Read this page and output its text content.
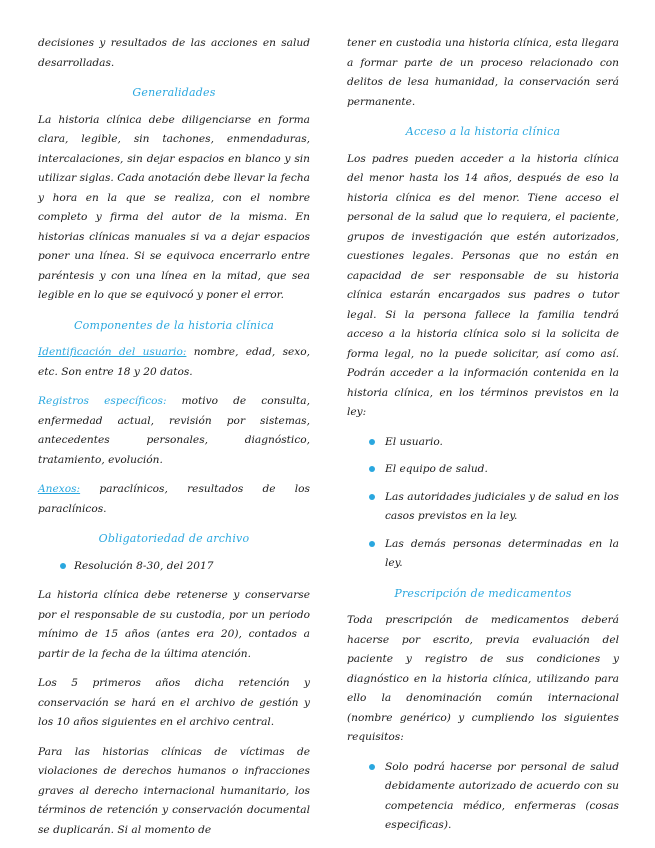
decisiones y resultados de las acciones en salud desarrolladas.

Generalidades

La historia clínica debe diligenciarse en forma clara, legible, sin tachones, enmendaduras, intercalaciones, sin dejar espacios en blanco y sin utilizar siglas. Cada anotación debe llevar la fecha y hora en la que se realiza, con el nombre completo y firma del autor de la misma. En historias clínicas manuales si va a dejar espacios poner una línea. Si se equivoca encerrarlo entre paréntesis y con una línea en la mitad, que sea legible en lo que se equivocó y poner el error.

Componentes de la historia clínica

Identificación del usuario: nombre, edad, sexo, etc. Son entre 18 y 20 datos.

Registros específicos: motivo de consulta, enfermedad actual, revisión por sistemas, antecedentes personales, diagnóstico, tratamiento, evolución.

Anexos: paraclínicos, resultados de los paraclínicos.

Obligatoriedad de archivo
Resolución 8-30, del 2017

La historia clínica debe retenerse y conservarse por el responsable de su custodia, por un periodo mínimo de 15 años (antes era 20), contados a partir de la fecha de la última atención.

Los 5 primeros años dicha retención y conservación se hará en el archivo de gestión y los 10 años siguientes en el archivo central.

Para las historias clínicas de víctimas de violaciones de derechos humanos o infracciones graves al derecho internacional humanitario, los términos de retención y conservación documental se duplicarán. Si al momento de

tener en custodia una historia clínica, esta llegara a formar parte de un proceso relacionado con delitos de lesa humanidad, la conservación será permanente.

Acceso a la historia clínica

Los padres pueden acceder a la historia clínica del menor hasta los 14 años, después de eso la historia clínica es del menor. Tiene acceso el personal de la salud que lo requiera, el paciente, grupos de investigación que estén autorizados, cuestiones legales. Personas que no están en capacidad de ser responsable de su historia clínica estarán encargados sus padres o tutor legal. Si la persona fallece la familia tendrá acceso a la historia clínica solo si la solicita de forma legal, no la puede solicitar, así como así. Podrán acceder a la información contenida en la historia clínica, en los términos previstos en la ley:

El usuario.
El equipo de salud.
Las autoridades judiciales y de salud en los casos previstos en la ley.
Las demás personas determinadas en la ley.
Prescripción de medicamentos

Toda prescripción de medicamentos deberá hacerse por escrito, previa evaluación del paciente y registro de sus condiciones y diagnóstico en la historia clínica, utilizando para ello la denominación común internacional (nombre genérico) y cumpliendo los siguientes requisitos:

Solo podrá hacerse por personal de salud debidamente autorizado de acuerdo con su competencia médico, enfermeras (cosas especificas).
